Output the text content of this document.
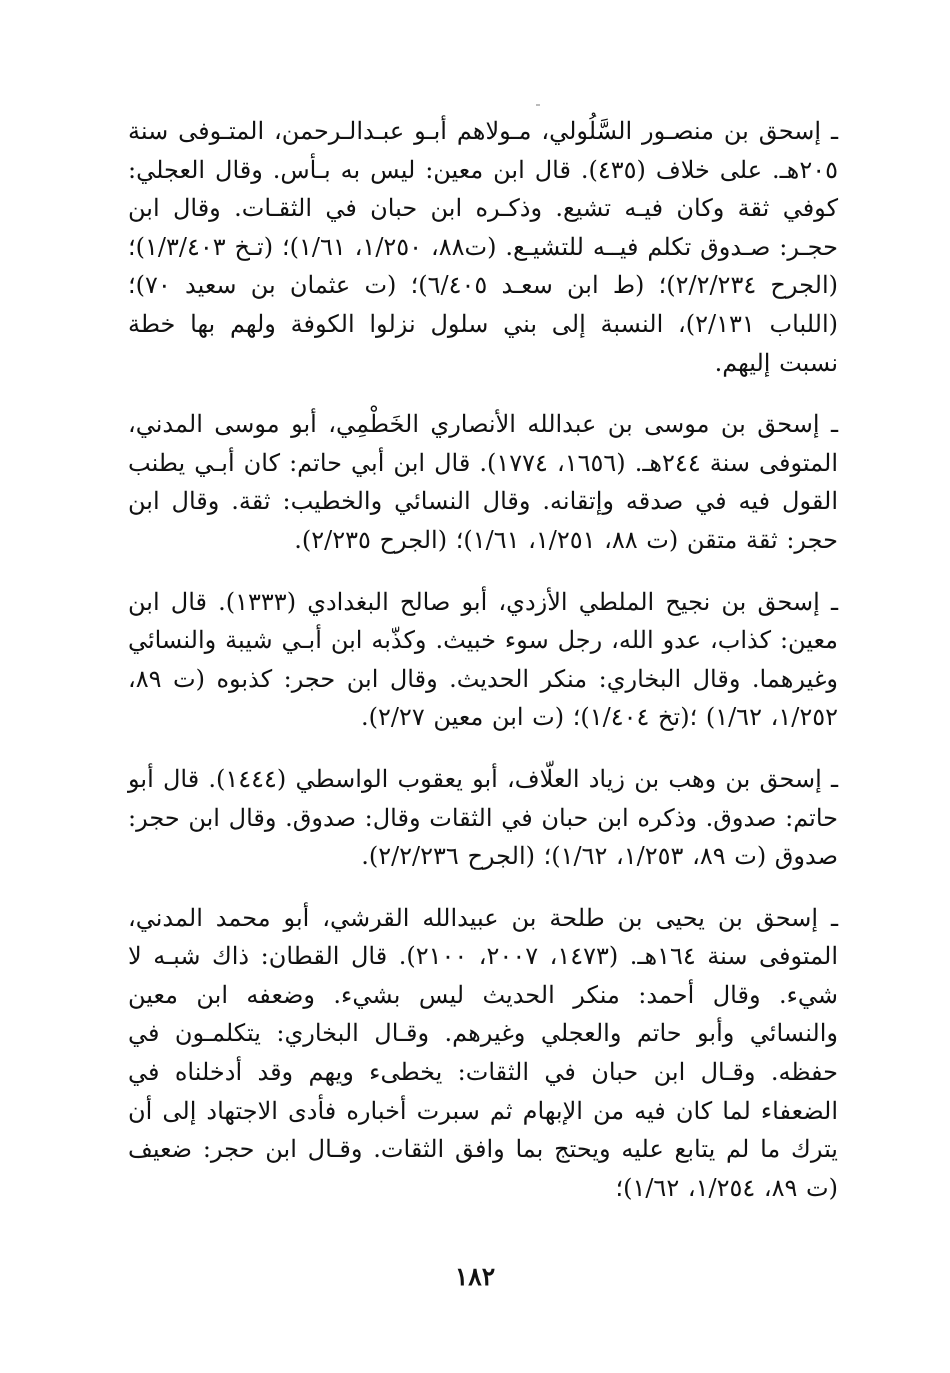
ـ إسحق بن منصـور السَّلُولي، مـولاهم أبـو عبـدالـرحمن، المتـوفى سنة ٢٠٥هـ. على خلاف (٤٣٥). قال ابن معين: ليس به بـأس. وقال العجلي: كوفي ثقة وكان فيـه تشيع. وذكـره ابن حبان في الثقـات. وقال ابن حجـر: صـدوق تكلم فيــه للتشيـع. (ت٨٨، ١/٢٥٠، ١/٦١)؛ (تـخ ١/٣/٤٠٣)؛ (الجرح ٢/٢/٢٣٤)؛ (ط ابن سعـد ٦/٤٠٥)؛ (ت عثمان بن سعيد ٧٠)؛ (اللباب ٢/١٣١)، النسبة إلى بني سلول نزلوا الكوفة ولهم بها خطة نسبت إليهم.

ـ إسحق بن موسى بن عبدالله الأنصاري الخَطْمِي، أبو موسى المدني، المتوفى سنة ٢٤٤هـ. (١٦٥٦، ١٧٧٤). قال ابن أبي حاتم: كان أبـي يطنب القول فيه في صدقه وإتقانه. وقال النسائي والخطيب: ثقة. وقال ابن حجر: ثقة متقن (ت ٨٨، ١/٢٥١، ١/٦١)؛ (الجرح ٢/٢٣٥).

ـ إسحق بن نجيح الملطي الأزدي، أبو صالح البغدادي (١٣٣٣). قال ابن معين: كذاب، عدو الله، رجل سوء خبيث. وكذّبه ابن أبـي شيبة والنسائي وغيرهما. وقال البخاري: منكر الحديث. وقال ابن حجر: كذبوه (ت ٨٩، ١/٢٥٢، ١/٦٢) ؛(تخ ١/٤٠٤)؛ (ت ابن معين ٢/٢٧).

ـ إسحق بن وهب بن زياد العلّاف، أبو يعقوب الواسطي (١٤٤٤). قال أبو حاتم: صدوق. وذكره ابن حبان في الثقات وقال: صدوق. وقال ابن حجر: صدوق (ت ٨٩، ١/٢٥٣، ١/٦٢)؛ (الجرح ٢/٢/٢٣٦).

ـ إسحق بن يحيى بن طلحة بن عبيدالله القرشي، أبو محمد المدني، المتوفى سنة ١٦٤هـ. (١٤٧٣، ٢٠٠٧، ٢١٠٠). قال القطان: ذاك شبـه لا شيء. وقال أحمد: منكر الحديث ليس بشيء. وضعفه ابن معين والنسائي وأبو حاتم والعجلي وغيرهم. وقـال البخاري: يتكلمـون في حفظه. وقـال ابن حبان في الثقات: يخطىء ويهم وقد أدخلناه في الضعفاء لما كان فيه من الإبهام ثم سبرت أخباره فأدى الاجتهاد إلى أن يترك ما لم يتابع عليه ويحتج بما وافق الثقات. وقـال ابن حجر: ضعيف (ت ٨٩، ١/٢٥٤، ١/٦٢)؛

١٨٢
